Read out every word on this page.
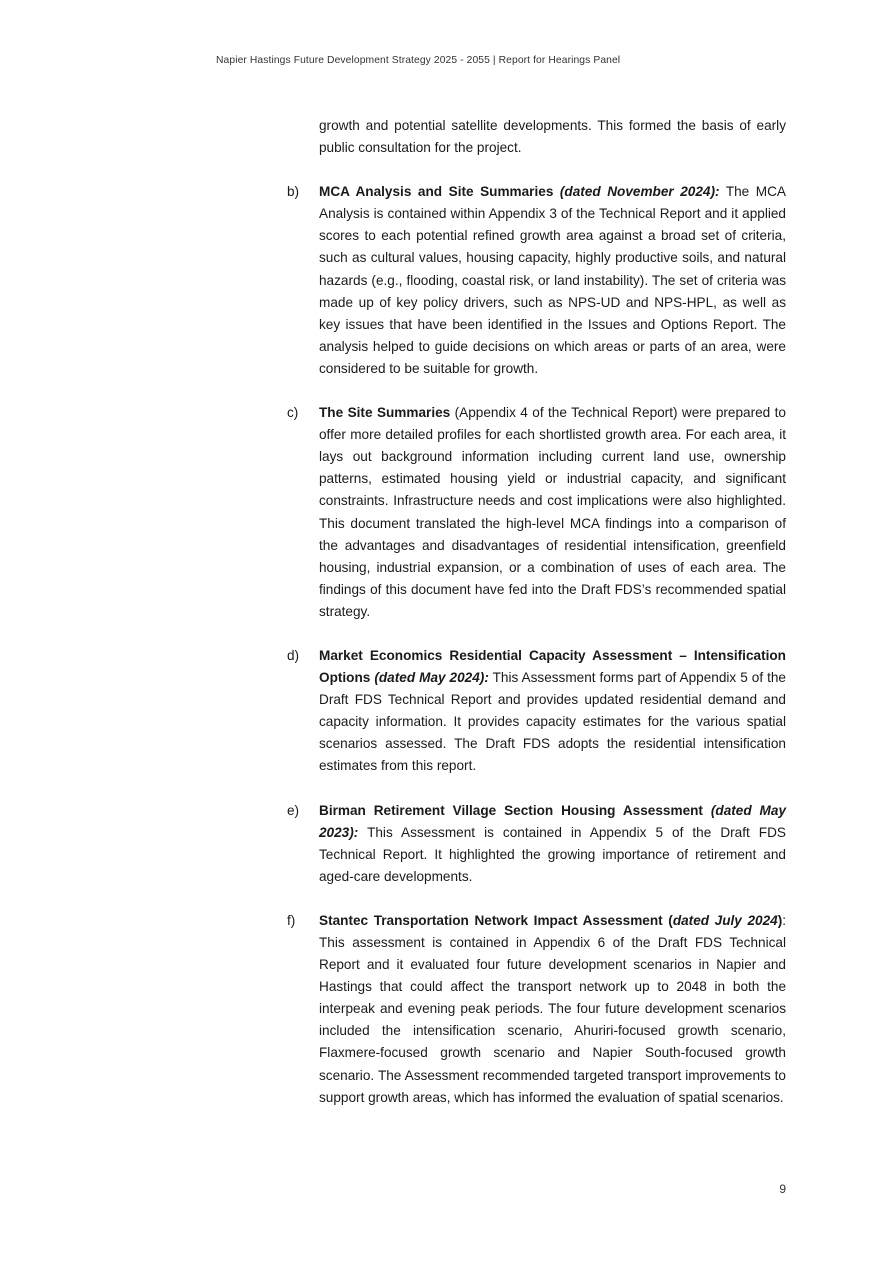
Napier Hastings Future Development Strategy 2025 - 2055 | Report for Hearings Panel

growth and potential satellite developments. This formed the basis of early public consultation for the project.

b) MCA Analysis and Site Summaries (dated November 2024): The MCA Analysis is contained within Appendix 3 of the Technical Report and it applied scores to each potential refined growth area against a broad set of criteria, such as cultural values, housing capacity, highly productive soils, and natural hazards (e.g., flooding, coastal risk, or land instability). The set of criteria was made up of key policy drivers, such as NPS-UD and NPS-HPL, as well as key issues that have been identified in the Issues and Options Report. The analysis helped to guide decisions on which areas or parts of an area, were considered to be suitable for growth.

c) The Site Summaries (Appendix 4 of the Technical Report) were prepared to offer more detailed profiles for each shortlisted growth area. For each area, it lays out background information including current land use, ownership patterns, estimated housing yield or industrial capacity, and significant constraints. Infrastructure needs and cost implications were also highlighted. This document translated the high-level MCA findings into a comparison of the advantages and disadvantages of residential intensification, greenfield housing, industrial expansion, or a combination of uses of each area. The findings of this document have fed into the Draft FDS’s recommended spatial strategy.

d) Market Economics Residential Capacity Assessment – Intensification Options (dated May 2024): This Assessment forms part of Appendix 5 of the Draft FDS Technical Report and provides updated residential demand and capacity information. It provides capacity estimates for the various spatial scenarios assessed. The Draft FDS adopts the residential intensification estimates from this report.

e) Birman Retirement Village Section Housing Assessment (dated May 2023): This Assessment is contained in Appendix 5 of the Draft FDS Technical Report. It highlighted the growing importance of retirement and aged-care developments.

f) Stantec Transportation Network Impact Assessment (dated July 2024): This assessment is contained in Appendix 6 of the Draft FDS Technical Report and it evaluated four future development scenarios in Napier and Hastings that could affect the transport network up to 2048 in both the interpeak and evening peak periods. The four future development scenarios included the intensification scenario, Ahuriri-focused growth scenario, Flaxmere-focused growth scenario and Napier South-focused growth scenario. The Assessment recommended targeted transport improvements to support growth areas, which has informed the evaluation of spatial scenarios.

9
